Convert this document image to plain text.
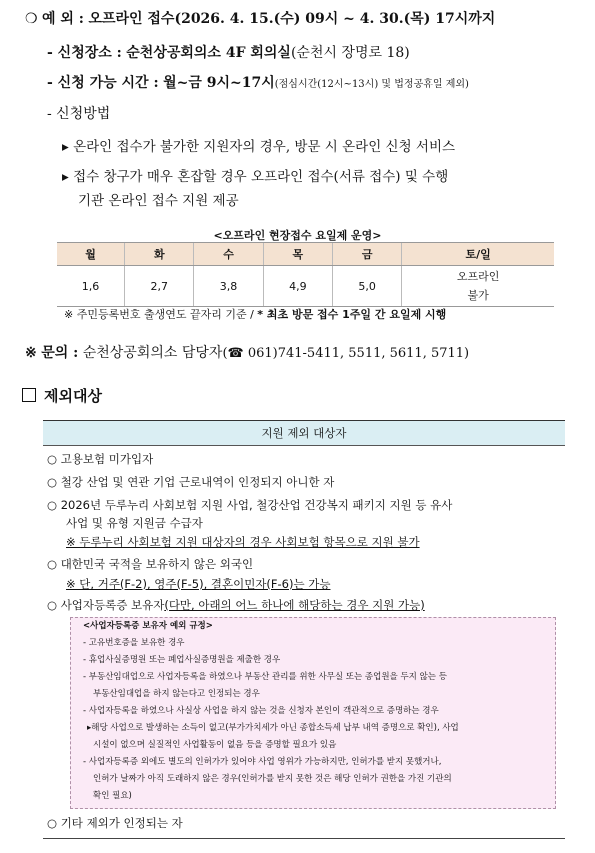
❍ 예 외 : 오프라인 접수(2026. 4. 15.(수) 09시 ~ 4. 30.(목) 17시까지
- 신청장소 : 순천상공회의소 4F 회의실(순천시 장명로 18)
- 신청 가능 시간 : 월~금 9시~17시(점심시간(12시~13시) 및 법정공휴일 제외)
- 신청방법
▸ 온라인 접수가 불가한 지원자의 경우, 방문 시 온라인 신청 서비스
▸ 접수 창구가 매우 혼잡할 경우 오프라인 접수(서류 접수) 및 수행
기관 온라인 접수 지원 제공
<오프라인 현장접수 요일제 운영>
월	화	수	목	금	토/일
1,6	2,7	3,8	4,9	5,0	오프라인
불가
※ 주민등록번호 출생연도 끝자리 기준 / * 최초 방문 접수 1주일 간 요일제 시행
※ 문의 : 순천상공회의소 담당자(☎ 061)741-5411, 5511, 5611, 5711)
제외대상
지원 제외 대상자
○ 고용보험 미가입자
○ 철강 산업 및 연관 기업 근로내역이 인정되지 아니한 자
○ 2026년 두루누리 사회보험 지원 사업, 철강산업 건강복지 패키지 지원 등 유사
사업 및 유형 지원금 수급자
※ 두루누리 사회보험 지원 대상자의 경우 사회보험 항목으로 지원 불가
○ 대한민국 국적을 보유하지 않은 외국인
※ 단, 거주(F-2), 영주(F-5), 결혼이민자(F-6)는 가능
○ 사업자등록증 보유자(다만, 아래의 어느 하나에 해당하는 경우 지원 가능)
<사업자등록증 보유자 예외 규정>
- 고유번호증을 보유한 경우
- 휴업사실증명원 또는 폐업사실증명원을 제출한 경우
- 부동산임대업으로 사업자등록을 하였으나 부동산 관리를 위한 사무실 또는 종업원을 두지 않는 등
부동산임대업을 하지 않는다고 인정되는 경우
- 사업자등록을 하였으나 사실상 사업을 하지 않는 것을 신청자 본인이 객관적으로 증명하는 경우
▸해당 사업으로 발생하는 소득이 없고(부가가치세가 아닌 종합소득세 납부 내역 증명으로 확인), 사업
시설이 없으며 실질적인 사업활동이 없음 등을 증명할 필요가 있음
- 사업자등록증 외에도 별도의 인허가가 있어야 사업 영위가 가능하지만, 인허가를 받지 못했거나,
인허가 날짜가 아직 도래하지 않은 경우(인허가를 받지 못한 것은 해당 인허가 권한을 가진 기관의
확인 필요)
○ 기타 제외가 인정되는 자
